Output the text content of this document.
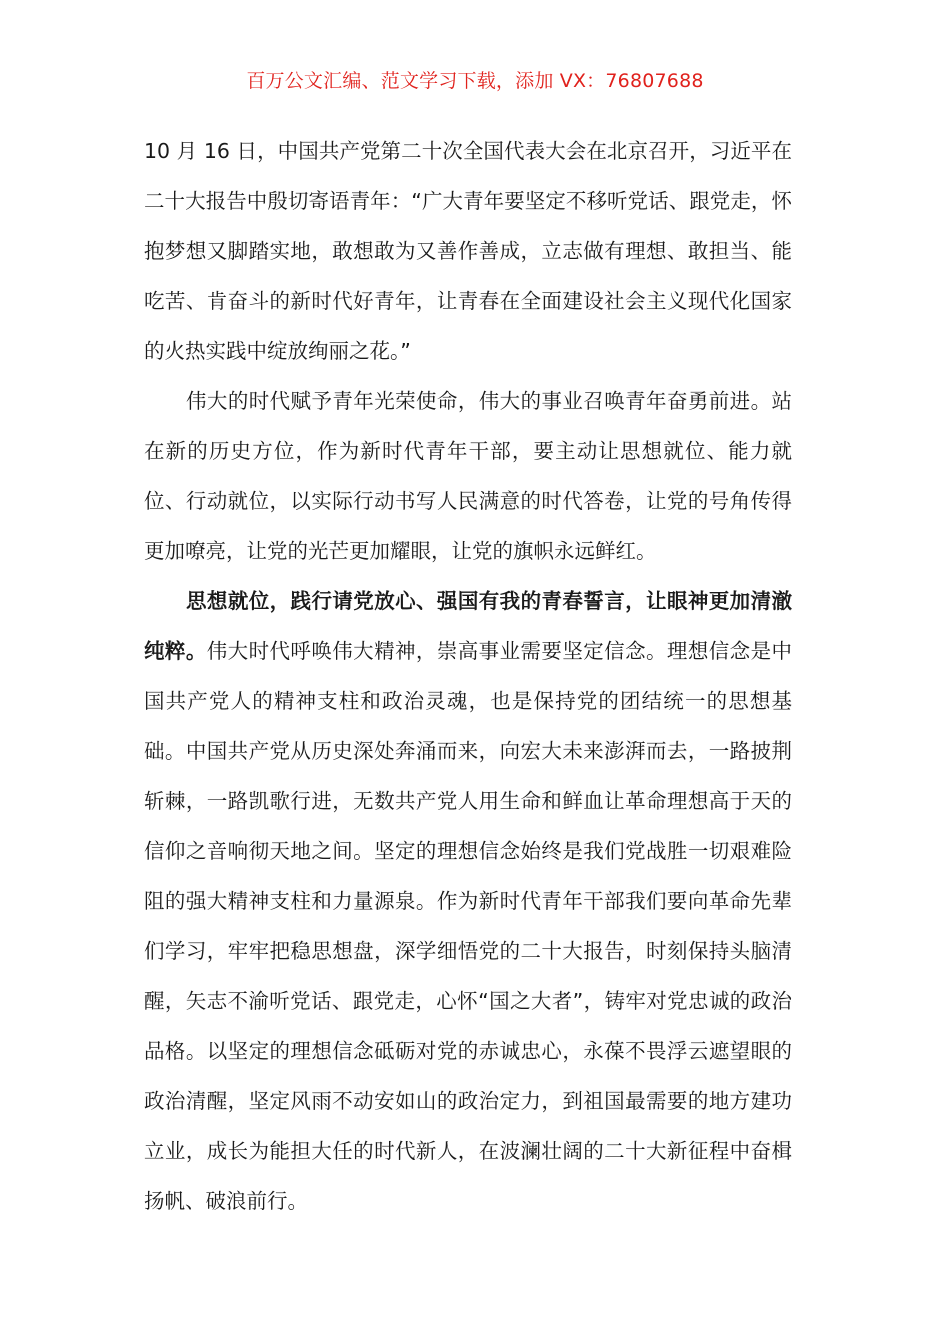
百万公文汇编、范文学习下载，添加 VX：76807688

10 月 16 日，中国共产党第二十次全国代表大会在北京召开，习近平在二十大报告中殷切寄语青年：“广大青年要坚定不移听党话、跟党走，怀抱梦想又脚踏实地，敢想敢为又善作善成，立志做有理想、敢担当、能吃苦、肯奋斗的新时代好青年，让青春在全面建设社会主义现代化国家的火热实践中绽放绚丽之花。”

伟大的时代赋予青年光荣使命，伟大的事业召唤青年奋勇前进。站在新的历史方位，作为新时代青年干部，要主动让思想就位、能力就位、行动就位，以实际行动书写人民满意的时代答卷，让党的号角传得更加嘹亮，让党的光芒更加耀眼，让党的旗帜永远鲜红。

思想就位，践行请党放心、强国有我的青春誓言，让眼神更加清澈纯粹。伟大时代呼唤伟大精神，崇高事业需要坚定信念。理想信念是中国共产党人的精神支柱和政治灵魂，也是保持党的团结统一的思想基础。中国共产党从历史深处奔涌而来，向宏大未来澎湃而去，一路披荆斩棘，一路凯歌行进，无数共产党人用生命和鲜血让革命理想高于天的信仰之音响彻天地之间。坚定的理想信念始终是我们党战胜一切艰难险阻的强大精神支柱和力量源泉。作为新时代青年干部我们要向革命先辈们学习，牢牢把稳思想盘，深学细悟党的二十大报告，时刻保持头脑清醒，矢志不渝听党话、跟党走，心怀“国之大者”，铸牢对党忠诚的政治品格。以坚定的理想信念砥砺对党的赤诚忠心，永葆不畏浮云遮望眼的政治清醒，坚定风雨不动安如山的政治定力，到祖国最需要的地方建功立业，成长为能担大任的时代新人，在波澜壮阔的二十大新征程中奋楫扬帆、破浪前行。
